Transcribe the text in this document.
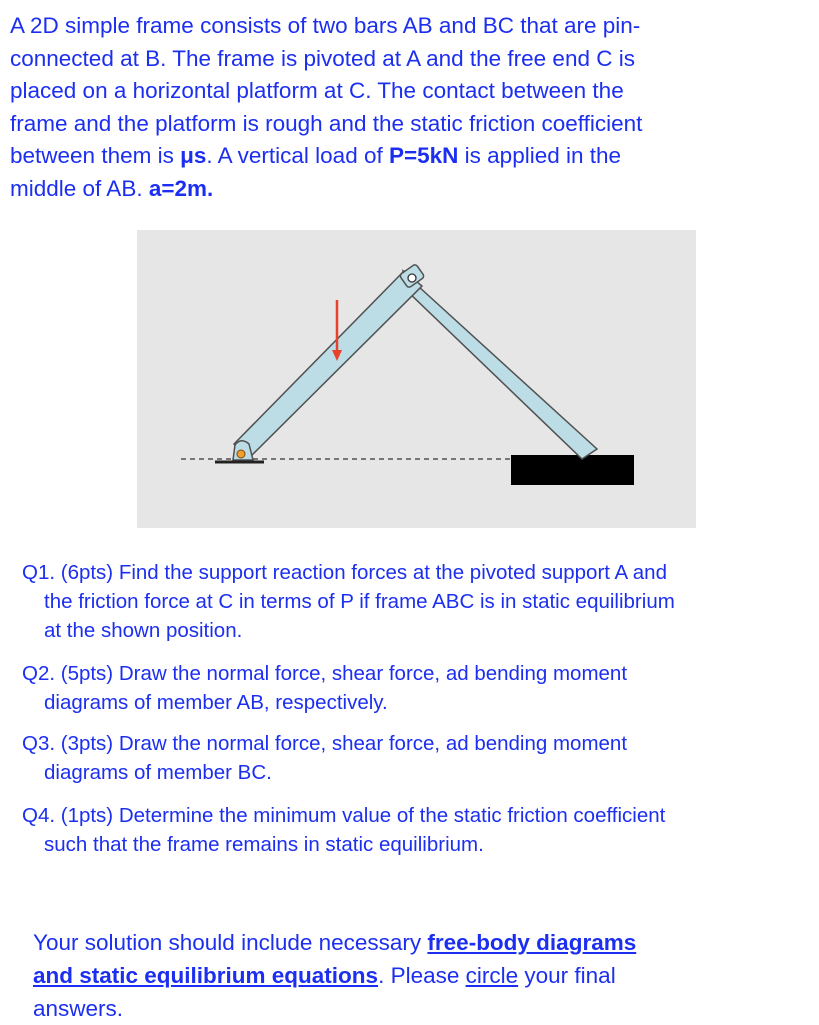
A 2D simple frame consists of two bars AB and BC that are pin-
connected at B. The frame is pivoted at A and the free end C is
placed on a horizontal platform at C. The contact between the
frame and the platform is rough and the static friction coefficient
between them is μs. A vertical load of P=5kN is applied in the
middle of AB. a=2m.
Q1. (6pts) Find the support reaction forces at the pivoted support A and
the friction force at C in terms of P if frame ABC is in static equilibrium
at the shown position.
Q2. (5pts) Draw the normal force, shear force, ad bending moment
diagrams of member AB, respectively.
Q3. (3pts) Draw the normal force, shear force, ad bending moment
diagrams of member BC.
Q4. (1pts) Determine the minimum value of the static friction coefficient
such that the frame remains in static equilibrium.
Your solution should include necessary free-body diagrams
and static equilibrium equations. Please circle your final
answers.
